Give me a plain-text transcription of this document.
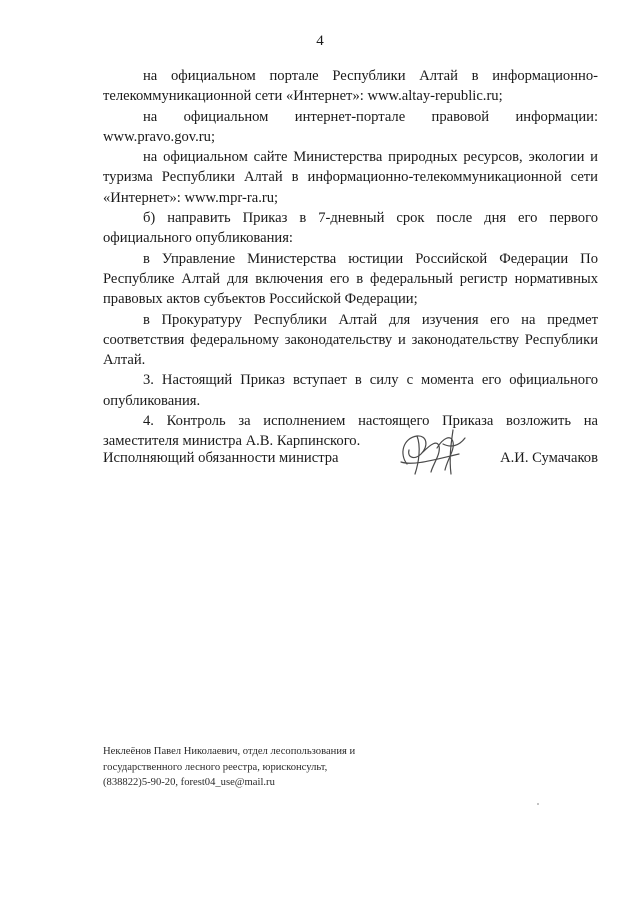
4

на официальном портале Республики Алтай в информационно-телекоммуникационной сети «Интернет»: www.altay-republic.ru;

на официальном интернет-портале правовой информации: www.pravo.gov.ru;

на официальном сайте Министерства природных ресурсов, экологии и туризма Республики Алтай в информационно-телекоммуникационной сети «Интернет»: www.mpr-ra.ru;

б) направить Приказ в 7-дневный срок после дня его первого официального опубликования:

в Управление Министерства юстиции Российской Федерации По Республике Алтай для включения его в федеральный регистр нормативных правовых актов субъектов Российской Федерации;

в Прокуратуру Республики Алтай для изучения его на предмет соответствия федеральному законодательству и законодательству Республики Алтай.

3. Настоящий Приказ вступает в силу с момента его официального опубликования.

4. Контроль за исполнением настоящего Приказа возложить на заместителя министра А.В. Карпинского.

Исполняющий обязанности министра	А.И. Сумачаков
Неклеёнов Павел Николаевич, отдел лесопользования и
государственного лесного реестра, юрисконсульт,
(838822)5-90-20, forest04_use@mail.ru
